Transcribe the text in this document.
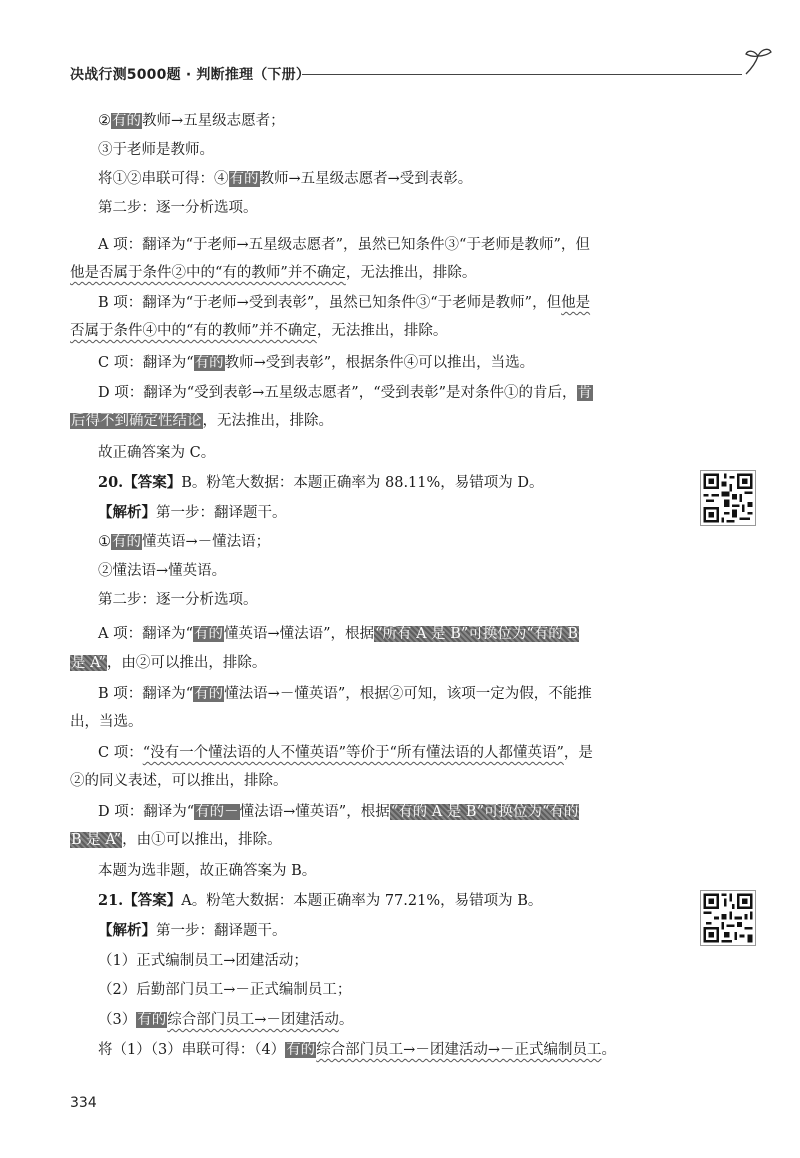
决战行测5000题 · 判断推理（下册）
②有的教师→五星级志愿者；
③于老师是教师。
将①②串联可得：④有的教师→五星级志愿者→受到表彰。
第二步：逐一分析选项。
A 项：翻译为“于老师→五星级志愿者”，虽然已知条件③“于老师是教师”，但
他是否属于条件②中的“有的教师”并不确定，无法推出，排除。
B 项：翻译为“于老师→受到表彰”，虽然已知条件③“于老师是教师”，但他是
否属于条件④中的“有的教师”并不确定，无法推出，排除。
C 项：翻译为“有的教师→受到表彰”，根据条件④可以推出，当选。
D 项：翻译为“受到表彰→五星级志愿者”，“受到表彰”是对条件①的肯后，肯
后得不到确定性结论，无法推出，排除。
故正确答案为 C。
20.【答案】B。粉笔大数据：本题正确率为 88.11%，易错项为 D。
【解析】第一步：翻译题干。
①有的懂英语→－懂法语；
②懂法语→懂英语。
第二步：逐一分析选项。
A 项：翻译为“有的懂英语→懂法语”，根据“所有 A 是 B”可换位为“有的 B
是 A”，由②可以推出，排除。
B 项：翻译为“有的懂法语→－懂英语”，根据②可知，该项一定为假，不能推
出，当选。
C 项：“没有一个懂法语的人不懂英语”等价于“所有懂法语的人都懂英语”，是
②的同义表述，可以推出，排除。
D 项：翻译为“有的－懂法语→懂英语”，根据“有的 A 是 B”可换位为“有的
B 是 A”，由①可以推出，排除。
本题为选非题，故正确答案为 B。
21.【答案】A。粉笔大数据：本题正确率为 77.21%，易错项为 B。
【解析】第一步：翻译题干。
（1）正式编制员工→团建活动；
（2）后勤部门员工→－正式编制员工；
（3）有的综合部门员工→－团建活动。
将（1）（3）串联可得：（4）有的综合部门员工→－团建活动→－正式编制员工。
334
